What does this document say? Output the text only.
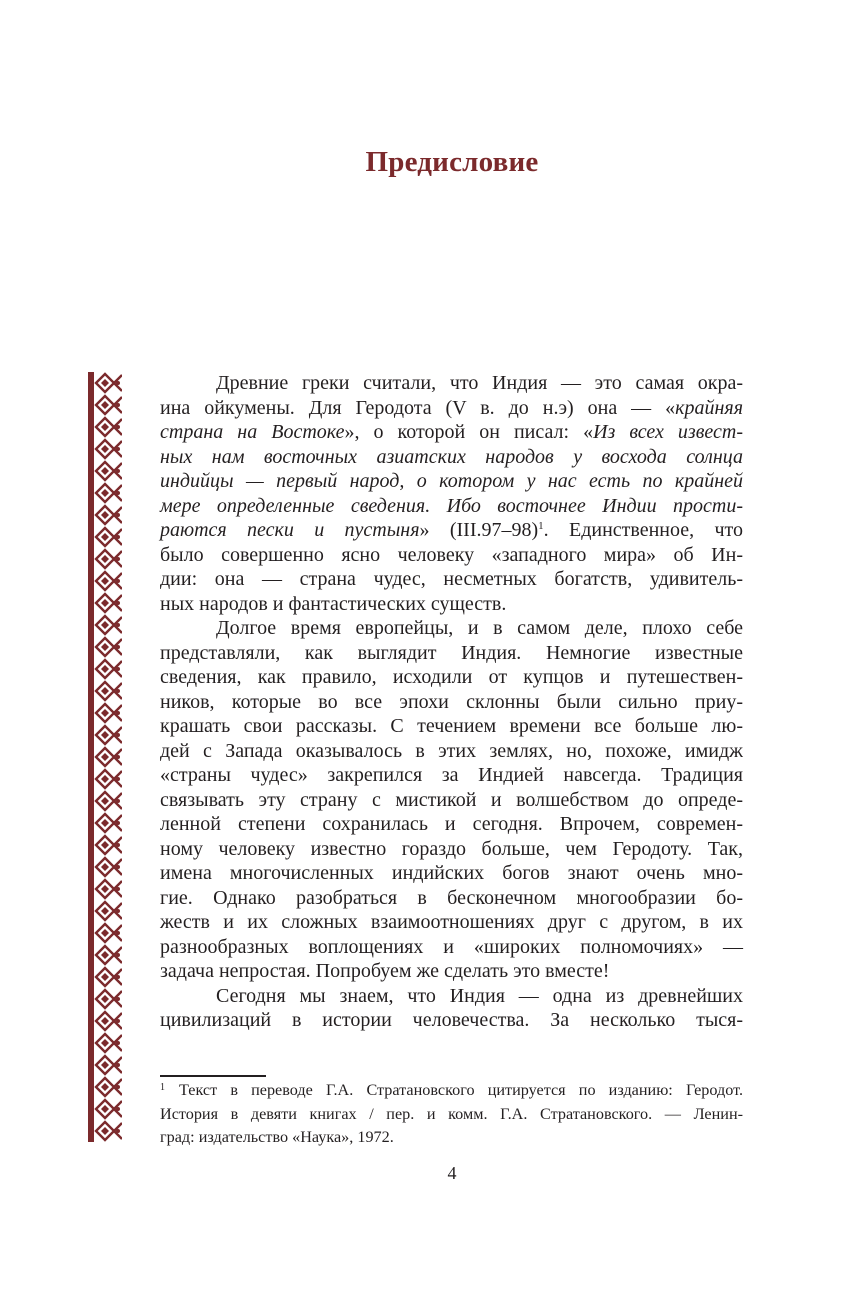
Предисловие
Древние греки считали, что Индия — это самая окра-
ина ойкумены. Для Геродота (V в. до н.э) она — «крайняя
страна на Востоке», о которой он писал: «Из всех извест-
ных нам восточных азиатских народов у восхода солнца
индийцы — первый народ, о котором у нас есть по крайней
мере определенные сведения. Ибо восточнее Индии прости-
раются пески и пустыня» $(III.97-98)^1$. Единственное, что
было совершенно ясно человеку «западного мира» об Ин-
дии: она — страна чудес, несметных богатств, удивитель-
ных народов и фантастических существ.
Долгое время европейцы, и в самом деле, плохо себе
представляли, как выглядит Индия. Немногие известные
сведения, как правило, исходили от купцов и путешествен-
ников, которые во все эпохи склонны были сильно приу-
крашать свои рассказы. С течением времени все больше лю-
дей с Запада оказывалось в этих землях, но, похоже, имидж
«страны чудес» закрепился за Индией навсегда. Традиция
связывать эту страну с мистикой и волшебством до опреде-
ленной степени сохранилась и сегодня. Впрочем, современ-
ному человеку известно гораздо больше, чем Геродоту. Так,
имена многочисленных индийских богов знают очень мно-
гие. Однако разобраться в бесконечном многообразии бо-
жеств и их сложных взаимоотношениях друг с другом, в их
разнообразных воплощениях и «широких полномочиях» —
задача непростая. Попробуем же сделать это вместе!
Сегодня мы знаем, что Индия — одна из древнейших
цивилизаций в истории человечества. За несколько тыся-
$^1$ Текст в переводе Г.А. Стратановского цитируется по изданию: Геродот.
История в девяти книгах / пер. и комм. Г.А. Стратановского. — Ленин-
град: издательство «Наука», 1972.
4
